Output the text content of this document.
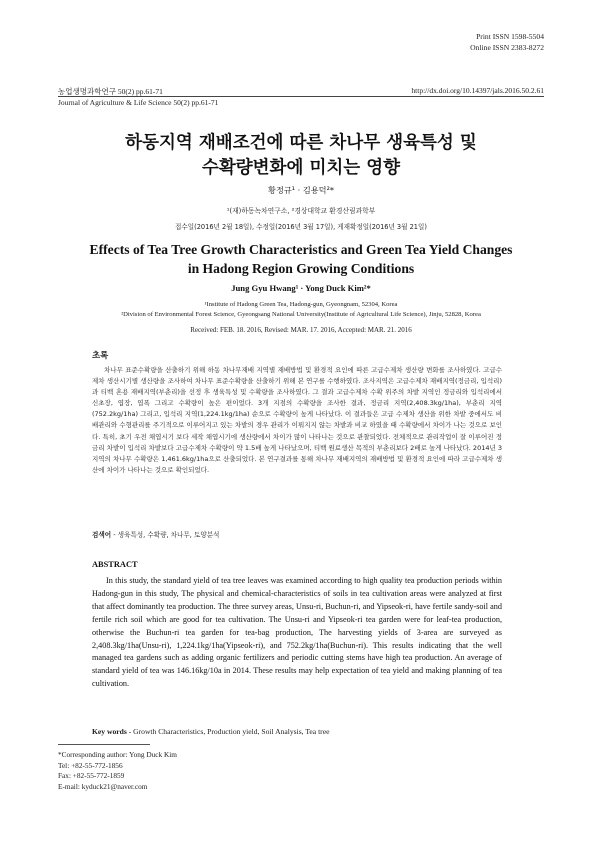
Print ISSN 1598-5504
Online ISSN 2383-8272
농업생명과학연구 50(2) pp.61-71	http://dx.doi.org/10.14397/jals.2016.50.2.61
Journal of Agriculture & Life Science 50(2) pp.61-71
하동지역 재배조건에 따른 차나무 생육특성 및
수확량변화에 미치는 영향
황정규¹ · 김용덕²*
¹(재)하동녹차연구소, ²경상대학교 환경산림과학부
접수일(2016년 2월 18일), 수정일(2016년 3월 17일), 게재확정일(2016년 3월 21일)
Effects of Tea Tree Growth Characteristics and Green Tea Yield Changes
in Hadong Region Growing Conditions
Jung Gyu Hwang¹ · Yong Duck Kim²*
¹Institute of Hadong Green Tea, Hadong-gun, Gyeongnam, 52304, Korea
²Division of Environmental Forest Science, Gyeongsang National University(Institute of Agricultural Life Science), Jinju, 52828, Korea
Received: FEB. 18. 2016, Revised: MAR. 17. 2016, Accepted: MAR. 21. 2016
초록
차나무 표준수확량을 산출하기 위해 하동 차나무재배 지역별 재배방법 및 환경적 요인에 따른 고급수제차 생산량 변화를 조사하였다. 고급수제차 생산시기별 생산량을 조사하여 차나무 표준수확량을 산출하기 위해 본 연구를 수행하였다. 조사지역은 고급수제차 재배지역(정금리, 입석리)과 티백 혼용 재배지역(부춘리)을 선정 후 생육특성 및 수확량을 조사하였다. 그 결과 고급수제차 수확 위주의 차밭 지역인 정금리와 입석리에서 신초장, 엽장, 엽폭 그리고 수확량이 높은 편이었다. 3개 지점의 수확량을 조사한 결과, 정금리 지역(2,408.3kg/1ha), 부춘리 지역(752.2kg/1ha) 그리고, 입석리 지역(1,224.1kg/1ha) 순으로 수확량이 높게 나타났다. 이 결과들은 고급 수제차 생산을 위한 차밭 중에서도 비배관리와 수형관리를 주기적으로 이루어지고 있는 차밭의 경우 관리가 이뤄지지 않는 차밭과 비교 하였을 때 수확량에서 차이가 나는 것으로 보인다. 특히, 초기 우전 채엽시기 보다 세작 채엽시기에 생산량에서 차이가 많이 나타나는 것으로 관찰되었다. 전체적으로 관리작업이 잘 이루어진 정금리 차밭이 입석리 차밭보다 고급수제차 수확량이 약 1.5배 높게 나타났으며, 티백 원료생산 목적의 부춘리보다 2배로 높게 나타났다. 2014년 3지역의 차나무 수확량은 1,461.6kg/1ha으로 산출되었다. 본 연구결과를 통해 차나무 재배지역의 재배방법 및 환경적 요인에 따라 고급수제차 생산에 차이가 나타나는 것으로 확인되었다.
검색어 - 생육특성, 수확량, 차나무, 토양분석
ABSTRACT
In this study, the standard yield of tea tree leaves was examined according to high quality tea production periods within Hadong-gun in this study, The physical and chemical-characteristics of soils in tea cultivation areas were analyzed at first that affect dominantly tea production. The three survey areas, Unsu-ri, Buchun-ri, and Yipseok-ri, have fertile sandy-soil and fertile rich soil which are good for tea cultivation. The Unsu-ri and Yipseok-ri tea garden were for leaf-tea production, otherwise the Buchun-ri tea garden for tea-bag production, The harvesting yields of 3-area are surveyed as 2,408.3kg/1ha(Unsu-ri), 1,224.1kg/1ha(Yipseok-ri), and 752.2kg/1ha(Buchun-ri). This results indicating that the well managed tea gardens such as adding organic fertilizers and periodic cutting stems have high tea production. An average of standard yield of tea was 146.16kg/10a in 2014. These results may help expectation of tea yield and making planning of tea cultivation.
Key words - Growth Characteristics, Production yield, Soil Analysis, Tea tree
*Corresponding author: Yong Duck Kim
Tel: +82-55-772-1856
Fax: +82-55-772-1859
E-mail: kyduck21@naver.com
